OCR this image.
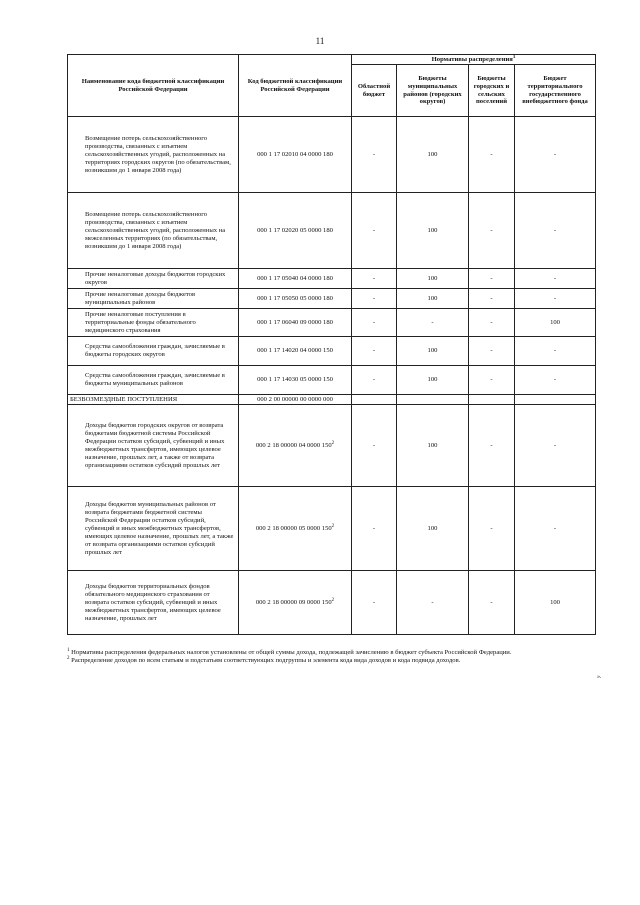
11
Наименование кода бюджетной классификации Российской Федерации	Код бюджетной классификации Российской Федерации	Нормативы распределения$^1$
		Областной бюджет	Бюджеты муниципальных районов (городских округов)	Бюджеты городских и сельских поселений	Бюджет территориального государственного внебюджетного фонда
Возмещение потерь сельскохозяйственного производства, связанных с изъятием сельскохозяйственных угодий, расположенных на территориях городских округов (по обязательствам, возникшим до 1 января 2008 года)	000 1 17 02010 04 0000 180	-	100	-	-
Возмещение потерь сельскохозяйственного производства, связанных с изъятием сельскохозяйственных угодий, расположенных на межселенных территориях (по обязательствам, возникшим до 1 января 2008 года)	000 1 17 02020 05 0000 180	-	100	-	-
Прочие неналоговые доходы бюджетов городских округов	000 1 17 05040 04 0000 180	-	100	-	-
Прочие неналоговые доходы бюджетов муниципальных районов	000 1 17 05050 05 0000 180	-	100	-	-
Прочие неналоговые поступления в территориальные фонды обязательного медицинского страхования	000 1 17 06040 09 0000 180	-	-	-	100
Средства самообложения граждан, зачисляемые в бюджеты городских округов	000 1 17 14020 04 0000 150	-	100	-	-
Средства самообложения граждан, зачисляемые в бюджеты муниципальных районов	000 1 17 14030 05 0000 150	-	100	-	-
БЕЗВОЗМЕЗДНЫЕ ПОСТУПЛЕНИЯ	000 2 00 00000 00 0000 000				
Доходы бюджетов городских округов от возврата бюджетами бюджетной системы Российской Федерации остатков субсидий, субвенций и иных межбюджетных трансфертов, имеющих целевое назначение, прошлых лет, а также от возврата организациями остатков субсидий прошлых лет	000 2 18 00000 04 0000 $150^2$	-	100	-	-
Доходы бюджетов муниципальных районов от возврата бюджетами бюджетной системы Российской Федерации остатков субсидий, субвенций и иных межбюджетных трансфертов, имеющих целевое назначение, прошлых лет, а также от возврата организациями остатков субсидий прошлых лет	000 2 18 00000 05 0000 $150^2$	-	100	-	-
Доходы бюджетов территориальных фондов обязательного медицинского страхования от возврата остатков субсидий, субвенций и иных межбюджетных трансфертов, имеющих целевое назначение, прошлых лет	000 2 18 00000 09 0000 $150^2$	-	-	-	100

$^1$ Нормативы распределения федеральных налогов установлены от общей суммы дохода, подлежащей зачислению в бюджет субъекта Российской Федерации.

$^2$ Распределение доходов по всем статьям и подстатьям соответствующих подгруппы и элемента кода вида доходов и кода подвида доходов.

».
